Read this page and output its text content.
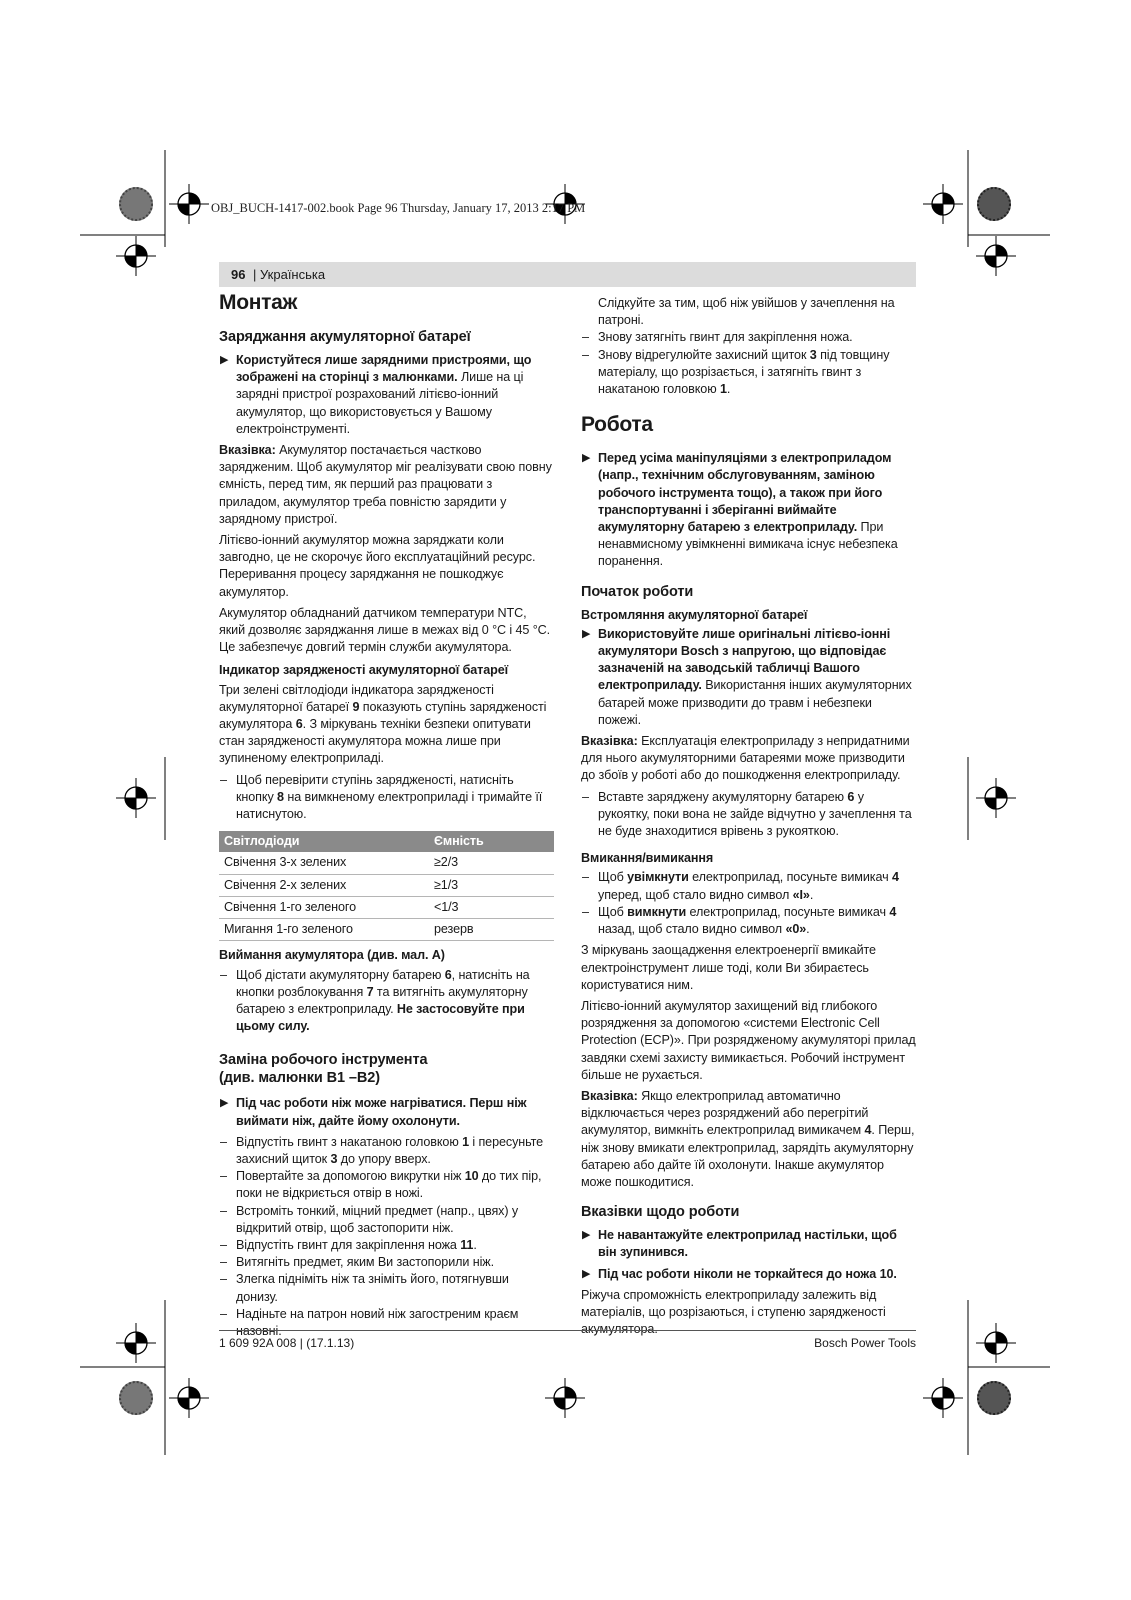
OBJ_BUCH-1417-002.book Page 96 Thursday, January 17, 2013 2:17 PM
96 | Українська
Монтаж
Заряджання акумуляторної батареї
▶ Користуйтеся лише зарядними пристроями, що зображені на сторінці з малюнками. Лише на ці зарядні пристрої розрахований літієво-іонний акумулятор, що використовується у Вашому електроінструменті.

Вказівка: Акумулятор постачається частково зарядженим. Щоб акумулятор міг реалізувати свою повну ємність, перед тим, як перший раз працювати з приладом, акумулятор треба повністю зарядити у зарядному пристрої.

Літієво-іонний акумулятор можна заряджати коли завгодно, це не скорочує його експлуатаційний ресурс. Переривання процесу заряджання не пошкоджує акумулятор.

Акумулятор обладнаний датчиком температури NTC, який дозволяє заряджання лише в межах від 0 °C і 45 °C. Це забезпечує довгий термін служби акумулятора.

Індикатор зарядженості акумуляторної батареї

Три зелені світлодіоди індикатора зарядженості акумуляторної батареї 9 показують ступінь зарядженості акумулятора 6. З міркувань техніки безпеки опитувати стан зарядженості акумулятора можна лише при зупиненому електроприладі.

– Щоб перевірити ступінь зарядженості, натисніть кнопку 8 на вимкненому електроприладі і тримайте її натиснутою.
Світлодіоди	Ємність
Свічення 3-х зелених	≥2/3
Свічення 2-х зелених	≥1/3
Свічення 1-го зеленого	<1/3
Мигання 1-го зеленого	резерв
Виймання акумулятора (див. мал. А)
– Щоб дістати акумуляторну батарею 6, натисніть на кнопки розблокування 7 та витягніть акумуляторну батарею з електроприладу. Не застосовуйте при цьому силу.
Заміна робочого інструмента
(див. малюнки B1 –B2)
▶ Під час роботи ніж може нагріватися. Перш ніж виймати ніж, дайте йому охолонути.
– Відпустіть гвинт з накатаною головкою 1 і пересуньте захисний щиток 3 до упору вверх.
– Повертайте за допомогою викрутки ніж 10 до тих пір, поки не відкриється отвір в ножі.
– Встроміть тонкий, міцний предмет (напр., цвях) у відкритий отвір, щоб застопорити ніж.
– Відпустіть гвинт для закріплення ножа 11.
– Витягніть предмет, яким Ви застопорили ніж.
– Злегка підніміть ніж та зніміть його, потягнувши донизу.
– Надіньте на патрон новий ніж загостреним краєм

Слідкуйте за тим, щоб ніж увійшов у зачеплення на патроні.

– Знову затягніть гвинт для закріплення ножа.
– Знову відрегулюйте захисний щиток 3 під товщину матеріалу, що розрізається, і затягніть гвинт з накатаною головкою 1.
Робота
▶ Перед усіма маніпуляціями з електроприладом (напр., технічним обслуговуванням, заміною робочого інструмента тощо), а також при його транспортуванні і зберіганні виймайте акумуляторну батарею з електроприладу. При ненавмисному увімкненні вимикача існує небезпека поранення.
Початок роботи
Встромляння акумуляторної батареї
▶ Використовуйте лише оригінальні літієво-іонні акумулятори Bosch з напругою, що відповідає зазначеній на заводській табличці Вашого електроприладу. Використання інших акумуляторних батарей може призводити до травм і небезпеки пожежі.

Вказівка: Експлуатація електроприладу з непридатними для нього акумуляторними батареями може призводити до збоїв у роботі або до пошкодження електроприладу.

– Вставте заряджену акумуляторну батарею 6 у рукоятку, поки вона не зайде відчутно у зачеплення та не буде знаходитися врівень з рукояткою.
Вмикання/вимикання
– Щоб увімкнути електроприлад, посуньте вимикач 4 уперед, щоб стало видно символ «I».
– Щоб вимкнути електроприлад, посуньте вимикач 4 назад, щоб стало видно символ «0».

З міркувань заощадження електроенергії вмикайте електроінструмент лише тоді, коли Ви збираєтесь користуватися ним.

Літієво-іонний акумулятор захищений від глибокого розрядження за допомогою «системи Electronic Cell Protection (ECP)». При розрядженому акумуляторі прилад завдяки схемі захисту вимикається. Робочий інструмент більше не рухається.

Вказівка: Якщо електроприлад автоматично відключається через розряджений або перегрітий акумулятор, вимкніть електроприлад вимикачем 4. Перш, ніж знову вмикати електроприлад, зарядіть акумуляторну батарею або дайте їй охолонути. Інакше акумулятор може пошкодитися.

Вказівки щодо роботи
▶ Не навантажуйте електроприлад настільки, щоб він зупинився.
▶ Під час роботи ніколи не торкайтеся до ножа 10.

Ріжуча спроможність електроприладу залежить від матеріалів, що розрізаються, і ступеню зарядженості

1 609 92A 008 | (17.1.13)	Bosch Power Tools
